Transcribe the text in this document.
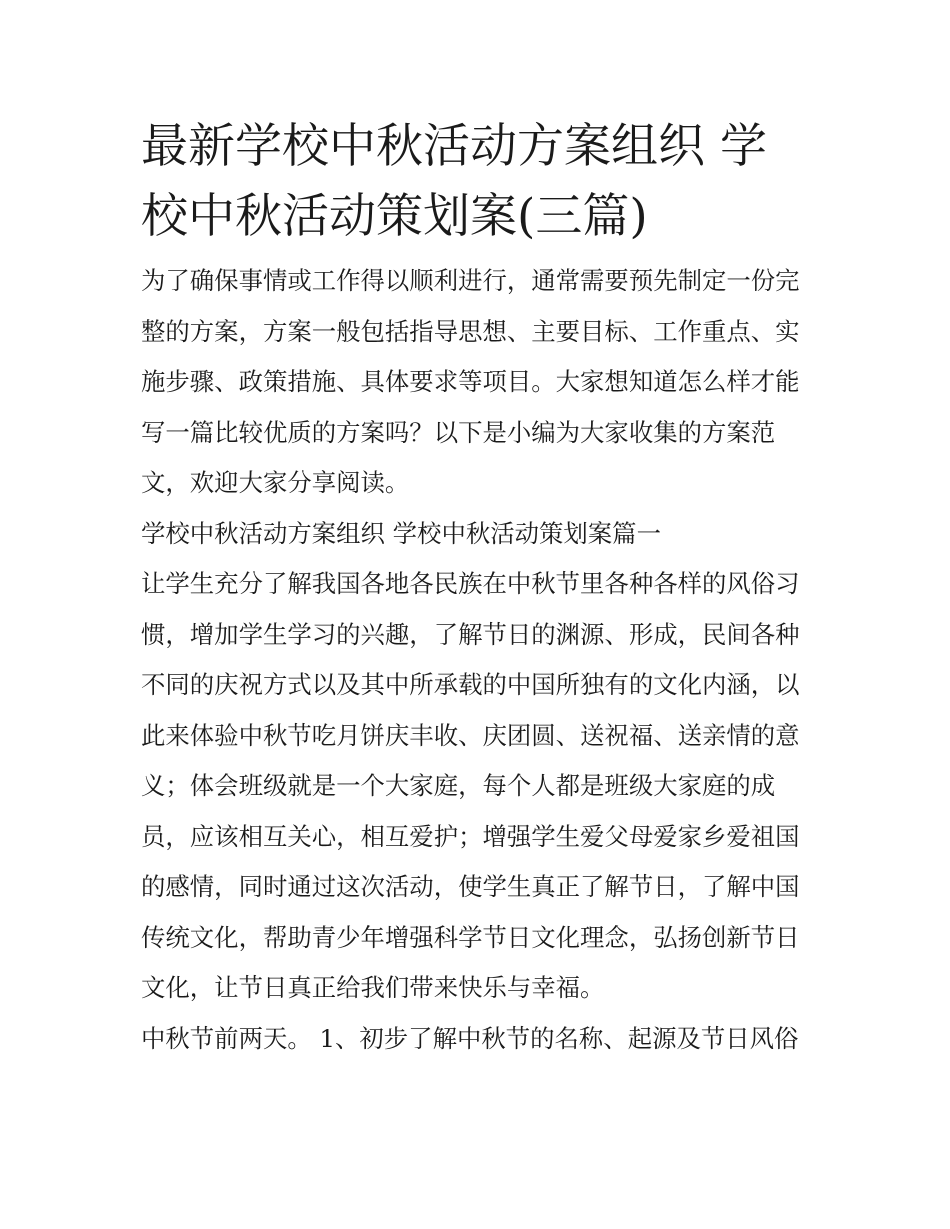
最新学校中秋活动方案组织 学
校中秋活动策划案(三篇)

为了确保事情或工作得以顺利进行，通常需要预先制定一份完
整的方案，方案一般包括指导思想、主要目标、工作重点、实
施步骤、政策措施、具体要求等项目。大家想知道怎么样才能
写一篇比较优质的方案吗？以下是小编为大家收集的方案范
文，欢迎大家分享阅读。

学校中秋活动方案组织 学校中秋活动策划案篇一

让学生充分了解我国各地各民族在中秋节里各种各样的风俗习
惯，增加学生学习的兴趣，了解节日的渊源、形成，民间各种
不同的庆祝方式以及其中所承载的中国所独有的文化内涵，以
此来体验中秋节吃月饼庆丰收、庆团圆、送祝福、送亲情的意
义；体会班级就是一个大家庭，每个人都是班级大家庭的成
员，应该相互关心，相互爱护；增强学生爱父母爱家乡爱祖国
的感情，同时通过这次活动，使学生真正了解节日，了解中国
传统文化，帮助青少年增强科学节日文化理念，弘扬创新节日
文化，让节日真正给我们带来快乐与幸福。

中秋节前两天。 1、初步了解中秋节的名称、起源及节日风俗
